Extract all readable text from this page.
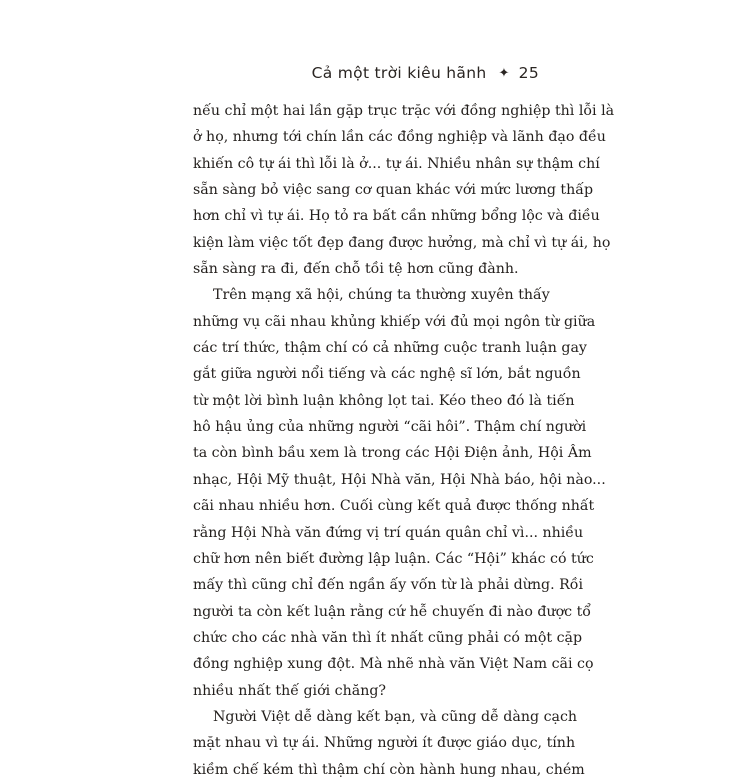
Cả một trời kiêu hãnh ✦ 25

nếu chỉ một hai lần gặp trục trặc với đồng nghiệp thì lỗi là
ở họ, nhưng tới chín lần các đồng nghiệp và lãnh đạo đều
khiến cô tự ái thì lỗi là ở... tự ái. Nhiều nhân sự thậm chí
sẵn sàng bỏ việc sang cơ quan khác với mức lương thấp
hơn chỉ vì tự ái. Họ tỏ ra bất cần những bổng lộc và điều
kiện làm việc tốt đẹp đang được hưởng, mà chỉ vì tự ái, họ
sẵn sàng ra đi, đến chỗ tồi tệ hơn cũng đành.

Trên mạng xã hội, chúng ta thường xuyên thấy
những vụ cãi nhau khủng khiếp với đủ mọi ngôn từ giữa
các trí thức, thậm chí có cả những cuộc tranh luận gay
gắt giữa người nổi tiếng và các nghệ sĩ lớn, bắt nguồn
từ một lời bình luận không lọt tai. Kéo theo đó là tiến
hô hậu ủng của những người “cãi hôi”. Thậm chí người
ta còn bình bầu xem là trong các Hội Điện ảnh, Hội Âm
nhạc, Hội Mỹ thuật, Hội Nhà văn, Hội Nhà báo, hội nào...
cãi nhau nhiều hơn. Cuối cùng kết quả được thống nhất
rằng Hội Nhà văn đứng vị trí quán quân chỉ vì... nhiều
chữ hơn nên biết đường lập luận. Các “Hội” khác có tức
mấy thì cũng chỉ đến ngần ấy vốn từ là phải dừng. Rồi
người ta còn kết luận rằng cứ hễ chuyến đi nào được tổ
chức cho các nhà văn thì ít nhất cũng phải có một cặp
đồng nghiệp xung đột. Mà nhẽ nhà văn Việt Nam cãi cọ
nhiều nhất thế giới chăng?

Người Việt dễ dàng kết bạn, và cũng dễ dàng cạch
mặt nhau vì tự ái. Những người ít được giáo dục, tính
kiềm chế kém thì thậm chí còn hành hung nhau, chém
